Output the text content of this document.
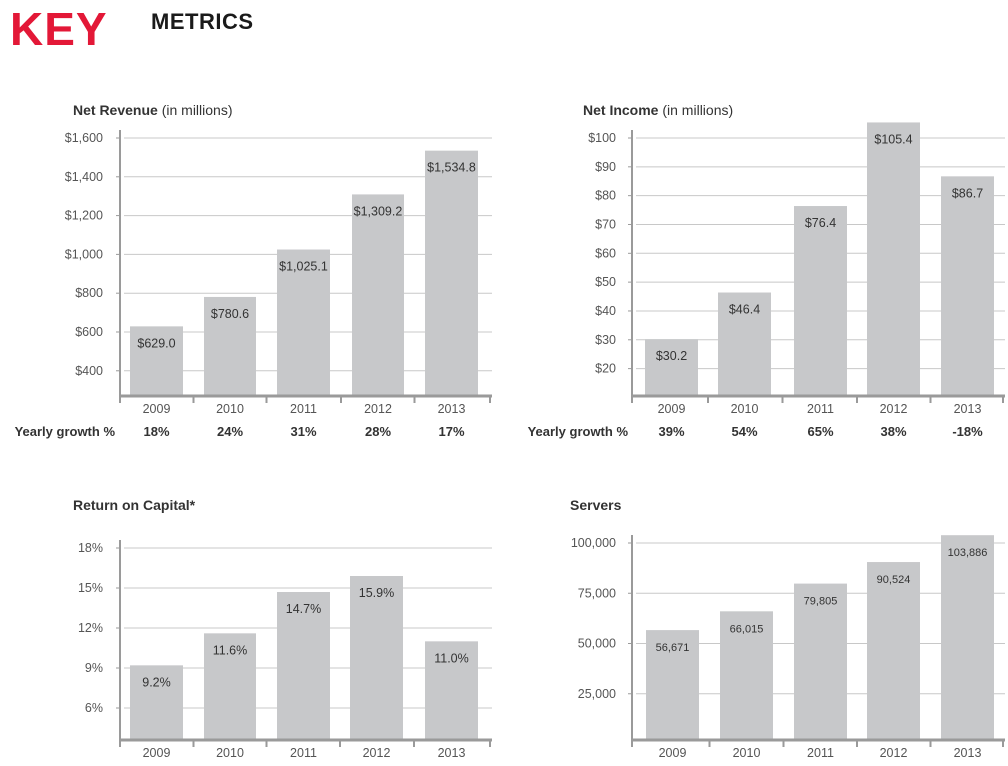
KEY METRICS
Net Revenue (in millions)
$400
$600
$800
$1,000
$1,200
$1,400
$1,600
$629.0
$780.6
$1,025.1
$1,309.2
$1,534.8
2009	2010	2011	2012	2013
Yearly growth % 18%	24%	31%	28%	17%
Net Income (in millions)
$20
$30
$40
$50
$60
$70
$80
$90
$100
$30.2
$46.4
$76.4
$105.4
$86.7
2009	2010	2011	2012	2013
Yearly growth % 39%	54%	65%	38%	-18%
Return on Capital*
6%
9%
12%
15%
18%
9.2%
11.6%
14.7%
15.9%
11.0%
2009	2010	2011	2012	2013
Servers
25,000
50,000
75,000
100,000
56,671
66,015
79,805
90,524
103,886
2009	2010	2011	2012	2013
